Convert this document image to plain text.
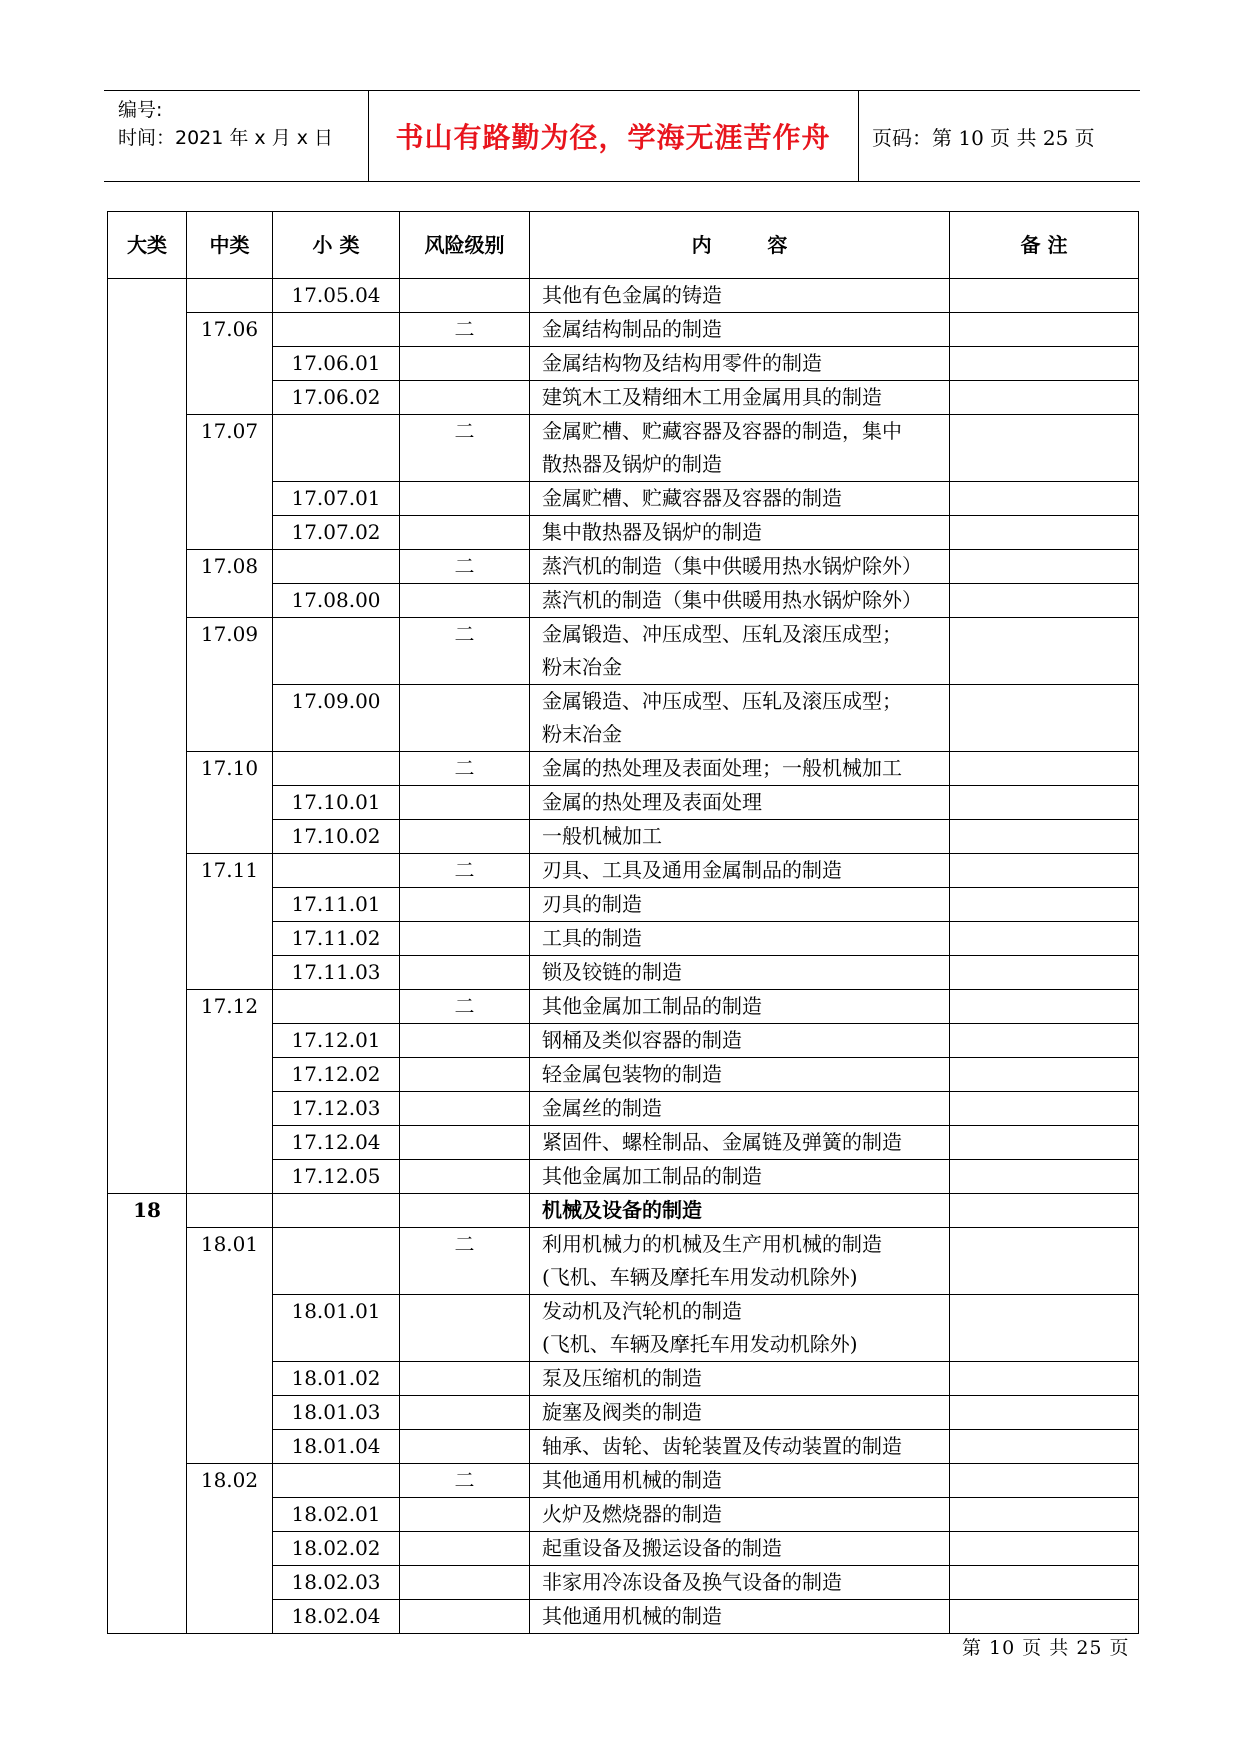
编号:
时间：2021 年 x 月 x 日	书山有路勤为径，学海无涯苦作舟	页码：第 10 页 共 25 页
大类	中类	小 类	风险级别	内        容	备 注
		17.05.04		其他有色金属的铸造	

	17.06		二	金属结构制品的制造	

		17.06.01		金属结构物及结构用零件的制造	

		17.06.02		建筑木工及精细木工用金属用具的制造	

	17.07		二	金属贮槽、贮藏容器及容器的制造，集中
散热器及锅炉的制造	

		17.07.01		金属贮槽、贮藏容器及容器的制造	

		17.07.02		集中散热器及锅炉的制造	

	17.08		二	蒸汽机的制造（集中供暖用热水锅炉除外）	

		17.08.00		蒸汽机的制造（集中供暖用热水锅炉除外）	

	17.09		二	金属锻造、冲压成型、压轧及滚压成型；
粉末冶金	

		17.09.00		金属锻造、冲压成型、压轧及滚压成型；
粉末冶金	

	17.10		二	金属的热处理及表面处理；一般机械加工	

		17.10.01		金属的热处理及表面处理	

		17.10.02		一般机械加工	

	17.11		二	刃具、工具及通用金属制品的制造	

		17.11.01		刃具的制造	

		17.11.02		工具的制造	

		17.11.03		锁及铰链的制造	

	17.12		二	其他金属加工制品的制造	

		17.12.01		钢桶及类似容器的制造	

		17.12.02		轻金属包装物的制造	

		17.12.03		金属丝的制造	

		17.12.04		紧固件、螺栓制品、金属链及弹簧的制造	

		17.12.05		其他金属加工制品的制造	

18				机械及设备的制造	

	18.01		二	利用机械力的机械及生产用机械的制造
(飞机、车辆及摩托车用发动机除外)	

		18.01.01		发动机及汽轮机的制造
(飞机、车辆及摩托车用发动机除外)	

		18.01.02		泵及压缩机的制造	

		18.01.03		旋塞及阀类的制造	

		18.01.04		轴承、齿轮、齿轮装置及传动装置的制造	

	18.02		二	其他通用机械的制造	

		18.02.01		火炉及燃烧器的制造	

		18.02.02		起重设备及搬运设备的制造	

		18.02.03		非家用冷冻设备及换气设备的制造	

		18.02.04		其他通用机械的制造	

第 10 页 共 25 页
